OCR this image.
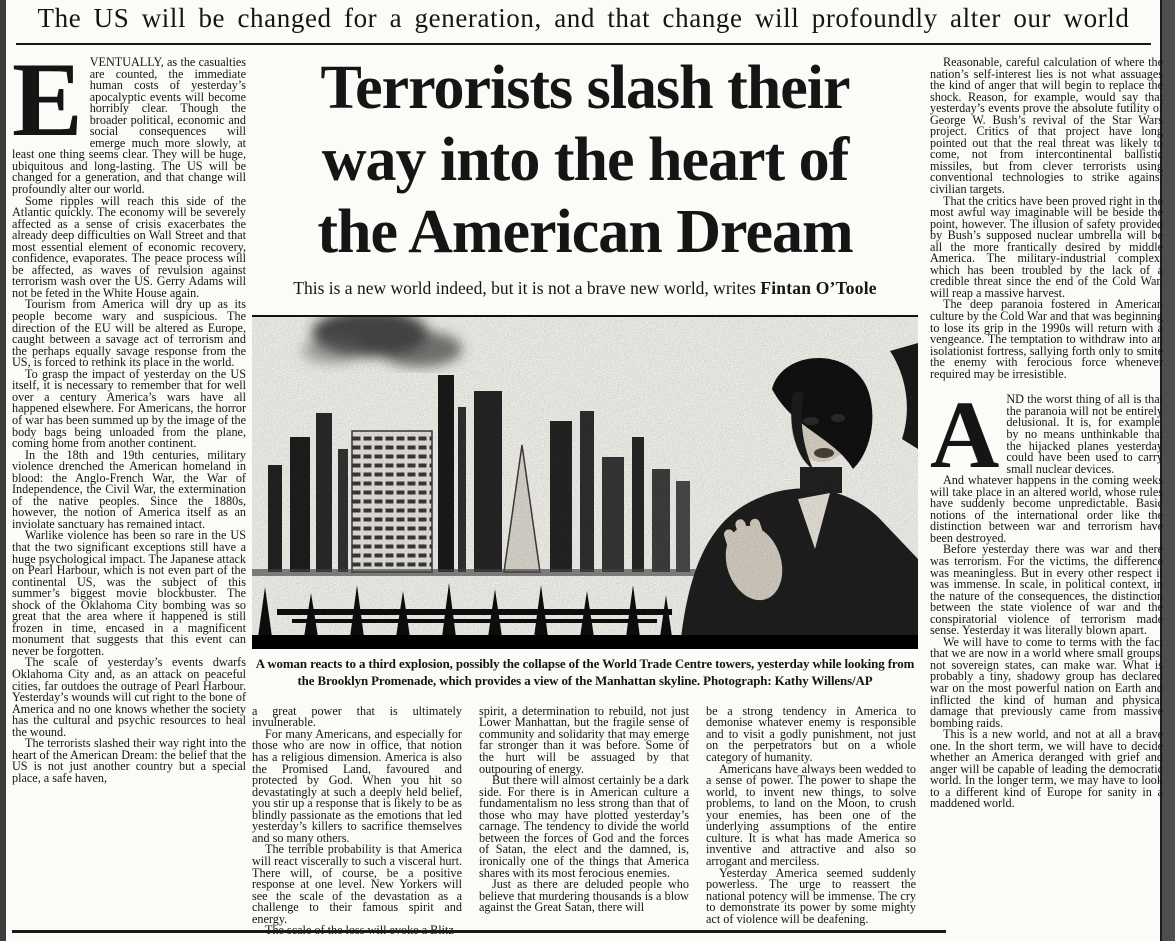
The US will be changed for a generation, and that change will profoundly alter our world

EVENTUALLY, as the casualties are counted, the immediate human costs of yesterday’s apocalyptic events will become horribly clear. Though the broader political, economic and social consequences will emerge much more slowly, at least one thing seems clear. They will be huge, ubiquitous and long-lasting. The US will be changed for a generation, and that change will profoundly alter our world.

Some ripples will reach this side of the Atlantic quickly. The economy will be severely affected as a sense of crisis exacerbates the already deep difficulties on Wall Street and that most essential element of economic recovery, confidence, evaporates. The peace process will be affected, as waves of revulsion against terrorism wash over the US. Gerry Adams will not be feted in the White House again.

Tourism from America will dry up as its people become wary and suspicious. The direction of the EU will be altered as Europe, caught between a savage act of terrorism and the perhaps equally savage response from the US, is forced to rethink its place in the world.

To grasp the impact of yesterday on the US itself, it is necessary to remember that for well over a century America’s wars have all happened elsewhere. For Americans, the horror of war has been summed up by the image of the body bags being unloaded from the plane, coming home from another continent.

In the 18th and 19th centuries, military violence drenched the American homeland in blood: the Anglo-French War, the War of Independence, the Civil War, the extermination of the native peoples. Since the 1880s, however, the notion of America itself as an inviolate sanctuary has remained intact.

Warlike violence has been so rare in the US that the two significant exceptions still have a huge psychological impact. The Japanese attack on Pearl Harbour, which is not even part of the continental US, was the subject of this summer’s biggest movie blockbuster. The shock of the Oklahoma City bombing was so great that the area where it happened is still frozen in time, encased in a magnificent monument that suggests that this event can never be forgotten.

The scale of yesterday’s events dwarfs Oklahoma City and, as an attack on peaceful cities, far outdoes the outrage of Pearl Harbour. Yesterday’s wounds will cut right to the bone of America and no one knows whether the society has the cultural and psychic resources to heal the wound.

The terrorists slashed their way right into the heart of the American Dream: the belief that the US is not just another country but a special place, a safe haven,

Terrorists slash their
way into the heart of
the American Dream
This is a new world indeed, but it is not a brave new world, writes Fintan O’Toole
A woman reacts to a third explosion, possibly the collapse of the World Trade Centre towers, yesterday while looking from the Brooklyn Promenade, which provides a view of the Manhattan skyline. Photograph: Kathy Willens/AP

a great power that is ultimately invulnerable.

For many Americans, and especially for those who are now in office, that notion has a religious dimension. America is also the Promised Land, favoured and protected by God. When you hit so devastatingly at such a deeply held belief, you stir up a response that is likely to be as blindly passionate as the emotions that led yesterday’s killers to sacrifice themselves and so many others.

The terrible probability is that America will react viscerally to such a visceral hurt. There will, of course, be a positive response at one level. New Yorkers will see the scale of the devastation as a challenge to their famous spirit and energy.

spirit, a determination to rebuild, not just Lower Manhattan, but the fragile sense of community and solidarity that may emerge far stronger than it was before. Some of the hurt will be assuaged by that outpouring of energy.

But there will almost certainly be a dark side. For there is in American culture a fundamentalism no less strong than that of those who may have plotted yesterday’s carnage. The tendency to divide the world between the forces of God and the forces of Satan, the elect and the damned, is, ironically one of the things that America shares with its most ferocious enemies.

Just as there are deluded people who believe that murdering thousands is a blow against the Great Satan, there will

be a strong tendency in America to demonise whatever enemy is responsible and to visit a godly punishment, not just on the perpetrators but on a whole category of humanity.

Americans have always been wedded to a sense of power. The power to shape the world, to invent new things, to solve problems, to land on the Moon, to crush your enemies, has been one of the underlying assumptions of the entire culture. It is what has made America so inventive and attractive and also so arrogant and merciless.

Yesterday America seemed suddenly powerless. The urge to reassert the national potency will be immense. The cry to demonstrate its power by some mighty act of violence will be deafening.

Reasonable, careful calculation of where the nation’s self-interest lies is not what assuages the kind of anger that will begin to replace the shock. Reason, for example, would say that yesterday’s events prove the absolute futility of George W. Bush’s revival of the Star Wars project. Critics of that project have long pointed out that the real threat was likely to come, not from intercontinental ballistic missiles, but from clever terrorists using conventional technologies to strike against civilian targets.

That the critics have been proved right in the most awful way imaginable will be beside the point, however. The illusion of safety provided by Bush’s supposed nuclear umbrella will be all the more frantically desired by middle America. The military-industrial complex, which has been troubled by the lack of a credible threat since the end of the Cold War, will reap a massive harvest.

The deep paranoia fostered in American culture by the Cold War and that was beginning to lose its grip in the 1990s will return with a vengeance. The temptation to withdraw into an isolationist fortress, sallying forth only to smite the enemy with ferocious force whenever required may be irresistible.

AND the worst thing of all is that the paranoia will not be entirely delusional. It is, for example, by no means unthinkable that the hijacked planes yesterday could have been used to carry small nuclear devices.

And whatever happens in the coming weeks will take place in an altered world, whose rules have suddenly become unpredictable. Basic notions of the international order like the distinction between war and terrorism have been destroyed.

Before yesterday there was war and there was terrorism. For the victims, the difference was meaningless. But in every other respect it was immense. In scale, in political context, in the nature of the consequences, the distinction between the state violence of war and the conspiratorial violence of terrorism made sense. Yesterday it was literally blown apart.

We will have to come to terms with the fact that we are now in a world where small groups, not sovereign states, can make war. What is probably a tiny, shadowy group has declared war on the most powerful nation on Earth and inflicted the kind of human and physical damage that previously came from massive bombing raids.

This is a new world, and not at all a brave one. In the short term, we will have to decide whether an America deranged with grief and anger will be capable of leading the democratic world. In the longer term, we may have to look to a different kind of Europe for sanity in a maddened world.
